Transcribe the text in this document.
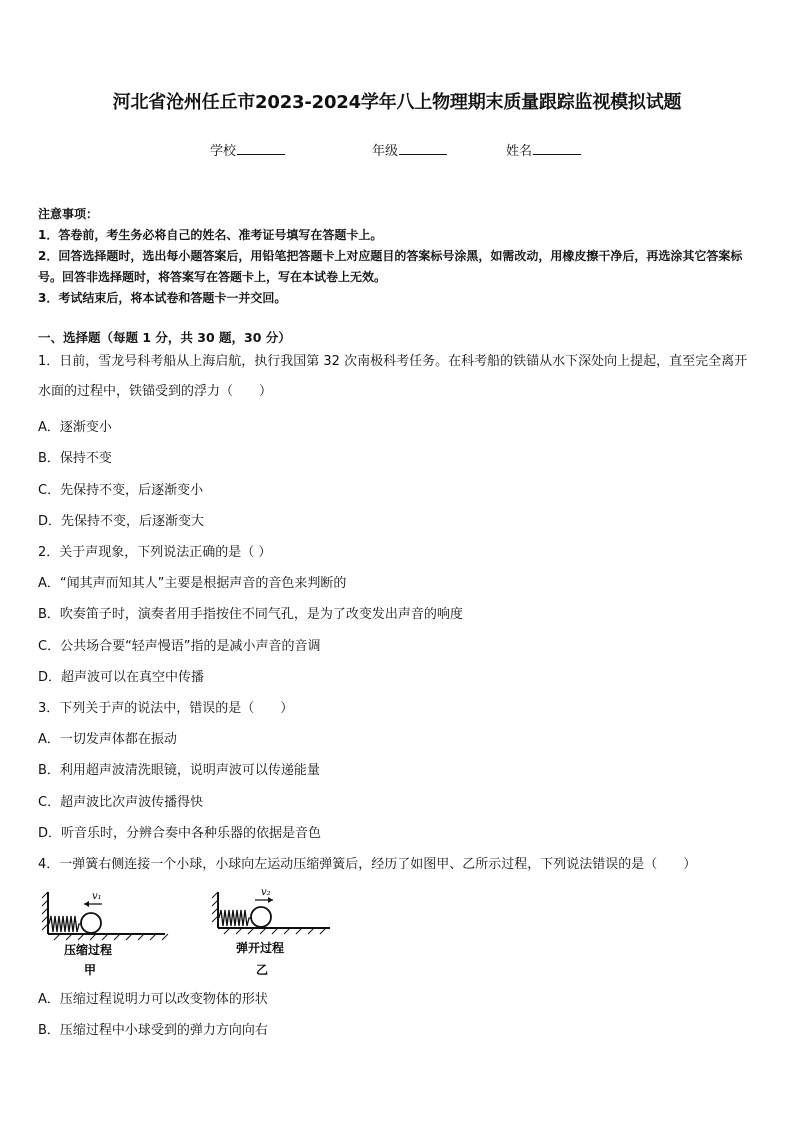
河北省沧州任丘市2023-2024学年八上物理期末质量跟踪监视模拟试题
学校	年级	姓名

注意事项：

1．答卷前，考生务必将自己的姓名、准考证号填写在答题卡上。

2．回答选择题时，选出每小题答案后，用铅笔把答题卡上对应题目的答案标号涂黑，如需改动，用橡皮擦干净后，再选涂其它答案标号。回答非选择题时，将答案写在答题卡上，写在本试卷上无效。

3．考试结束后，将本试卷和答题卡一并交回。

一、选择题（每题 1 分，共 30 题，30 分）
1．日前，雪龙号科考船从上海启航，执行我国第 32 次南极科考任务。在科考船的铁锚从水下深处向上提起，直至完全离开水面的过程中，铁锚受到的浮力（　　）
A．逐渐变小
B．保持不变
C．先保持不变，后逐渐变小
D．先保持不变，后逐渐变大
2．关于声现象，下列说法正确的是（ ）
A．“闻其声而知其人”主要是根据声音的音色来判断的
B．吹奏笛子时，演奏者用手指按住不同气孔，是为了改变发出声音的响度
C．公共场合要“轻声慢语”指的是减小声音的音调
D．超声波可以在真空中传播
3．下列关于声的说法中，错误的是（　　）
A．一切发声体都在振动
B．利用超声波清洗眼镜，说明声波可以传递能量
C．超声波比次声波传播得快
D．听音乐时，分辨合奏中各种乐器的依据是音色
4．一弹簧右侧连接一个小球，小球向左运动压缩弹簧后，经历了如图甲、乙所示过程，下列说法错误的是（　　）
v₁
压缩过程
甲
v₂
弹开过程
乙
A．压缩过程说明力可以改变物体的形状
B．压缩过程中小球受到的弹力方向向右
